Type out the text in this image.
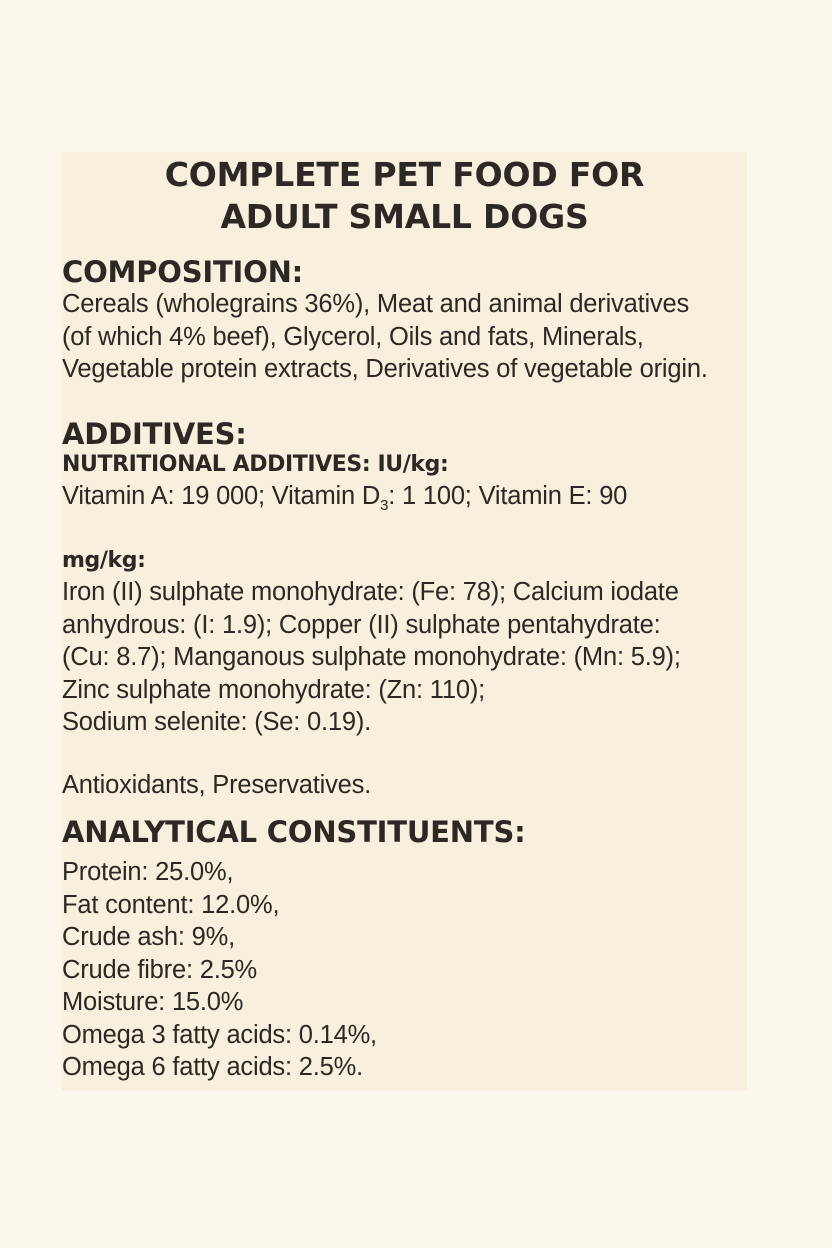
COMPLETE PET FOOD FOR
ADULT SMALL DOGS
COMPOSITION:
Cereals (wholegrains 36%), Meat and animal derivatives
(of which 4% beef), Glycerol, Oils and fats, Minerals,
Vegetable protein extracts, Derivatives of vegetable origin.
ADDITIVES:
NUTRITIONAL ADDITIVES: IU/kg:

Vitamin A: 19 000; Vitamin $D_3$: 1 100; Vitamin E: 90

mg/kg:
Iron (II) sulphate monohydrate: (Fe: 78); Calcium iodate
anhydrous: (I: 1.9); Copper (II) sulphate pentahydrate:
(Cu: 8.7); Manganous sulphate monohydrate: (Mn: 5.9);
Zinc sulphate monohydrate: (Zn: 110);
Sodium selenite: (Se: 0.19).

Antioxidants, Preservatives.

ANALYTICAL CONSTITUENTS:
Protein: 25.0%,
Fat content: 12.0%,
Crude ash: 9%,
Crude fibre: 2.5%
Moisture: 15.0%
Omega 3 fatty acids: 0.14%,
Omega 6 fatty acids: 2.5%.
